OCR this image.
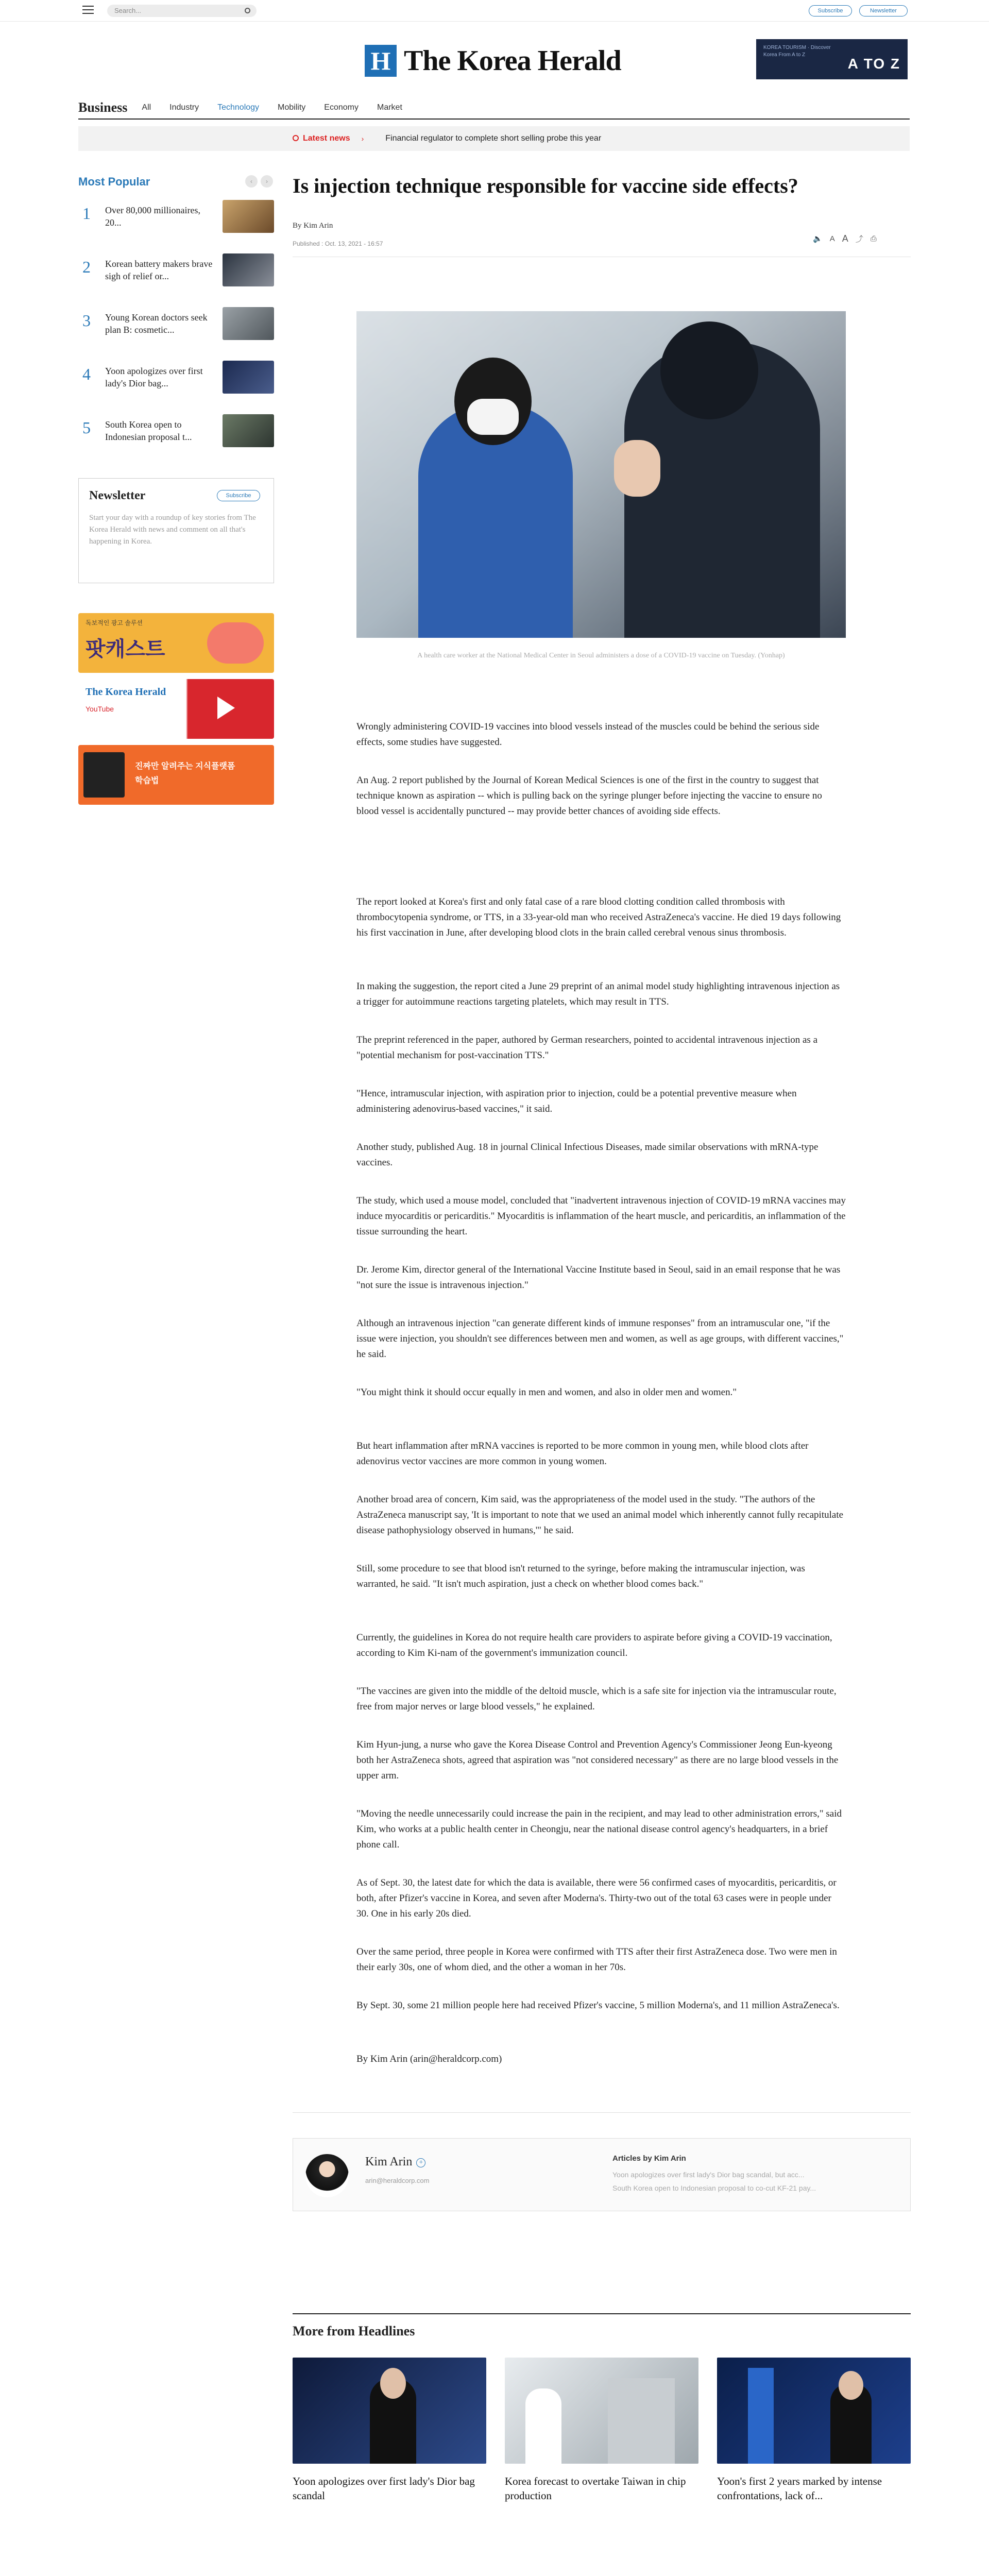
Search...	Subscribe	Newsletter
H The Korea Herald	KOREA TOURISM · Discover Korea From A to Z
A TO Z
Business All Industry Technology Mobility Economy Market
Latest news ›	Financial regulator to complete short selling probe this year
Most Popular	‹ ›
1 Over 80,000 millionaires, 20...
2 Korean battery makers brave sigh of relief or...
3 Young Korean doctors seek plan B: cosmetic...
4 Yoon apologizes over first lady's Dior bag...
5 South Korea open to Indonesian proposal t...
Newsletter	Subscribe
Start your day with a roundup of key stories from The Korea Herald with news and comment on all that's happening in Korea.
독보적인 광고 솔루션
팟캐스트
The Korea Herald
YouTube
진짜만 알려주는 지식플랫폼
학습법
Is injection technique responsible for vaccine side effects?
By Kim Arin
Published : Oct. 13, 2021 - 16:57
🔈 A A ⤴ ⎙
A health care worker at the National Medical Center in Seoul administers a dose of a COVID-19 vaccine on Tuesday. (Yonhap)
Wrongly administering COVID-19 vaccines into blood vessels instead of the muscles could be behind the serious side effects, some studies have suggested.
An Aug. 2 report published by the Journal of Korean Medical Sciences is one of the first in the country to suggest that technique known as aspiration -- which is pulling back on the syringe plunger before injecting the vaccine to ensure no blood vessel is accidentally punctured -- may provide better chances of avoiding side effects.
The report looked at Korea's first and only fatal case of a rare blood clotting condition called thrombosis with thrombocytopenia syndrome, or TTS, in a 33-year-old man who received AstraZeneca's vaccine. He died 19 days following his first vaccination in June, after developing blood clots in the brain called cerebral venous sinus thrombosis.
In making the suggestion, the report cited a June 29 preprint of an animal model study highlighting intravenous injection as a trigger for autoimmune reactions targeting platelets, which may result in TTS.
The preprint referenced in the paper, authored by German researchers, pointed to accidental intravenous injection as a "potential mechanism for post-vaccination TTS."
"Hence, intramuscular injection, with aspiration prior to injection, could be a potential preventive measure when administering adenovirus-based vaccines," it said.
Another study, published Aug. 18 in journal Clinical Infectious Diseases, made similar observations with mRNA-type vaccines.
The study, which used a mouse model, concluded that "inadvertent intravenous injection of COVID-19 mRNA vaccines may induce myocarditis or pericarditis." Myocarditis is inflammation of the heart muscle, and pericarditis, an inflammation of the tissue surrounding the heart.
Dr. Jerome Kim, director general of the International Vaccine Institute based in Seoul, said in an email response that he was "not sure the issue is intravenous injection."
Although an intravenous injection "can generate different kinds of immune responses" from an intramuscular one, "if the issue were injection, you shouldn't see differences between men and women, as well as age groups, with different vaccines," he said.
"You might think it should occur equally in men and women, and also in older men and women."
But heart inflammation after mRNA vaccines is reported to be more common in young men, while blood clots after adenovirus vector vaccines are more common in young women.
Another broad area of concern, Kim said, was the appropriateness of the model used in the study. "The authors of the AstraZeneca manuscript say, 'It is important to note that we used an animal model which inherently cannot fully recapitulate disease pathophysiology observed in humans,'" he said.
Still, some procedure to see that blood isn't returned to the syringe, before making the intramuscular injection, was warranted, he said. "It isn't much aspiration, just a check on whether blood comes back."
Currently, the guidelines in Korea do not require health care providers to aspirate before giving a COVID-19 vaccination, according to Kim Ki-nam of the government's immunization council.
"The vaccines are given into the middle of the deltoid muscle, which is a safe site for injection via the intramuscular route, free from major nerves or large blood vessels," he explained.
Kim Hyun-jung, a nurse who gave the Korea Disease Control and Prevention Agency's Commissioner Jeong Eun-kyeong both her AstraZeneca shots, agreed that aspiration was "not considered necessary" as there are no large blood vessels in the upper arm.
"Moving the needle unnecessarily could increase the pain in the recipient, and may lead to other administration errors," said Kim, who works at a public health center in Cheongju, near the national disease control agency's headquarters, in a brief phone call.
As of Sept. 30, the latest date for which the data is available, there were 56 confirmed cases of myocarditis, pericarditis, or both, after Pfizer's vaccine in Korea, and seven after Moderna's. Thirty-two out of the total 63 cases were in people under 30. One in his early 20s died.
Over the same period, three people in Korea were confirmed with TTS after their first AstraZeneca dose. Two were men in their early 30s, one of whom died, and the other a woman in her 70s.
By Sept. 30, some 21 million people here had received Pfizer's vaccine, 5 million Moderna's, and 11 million AstraZeneca's.
By Kim Arin (arin@heraldcorp.com)
Kim Arin +
arin@heraldcorp.com
Articles by Kim Arin
Yoon apologizes over first lady's Dior bag scandal, but acc...
South Korea open to Indonesian proposal to co-cut KF-21 pay...
More from Headlines
Yoon apologizes over first lady's Dior bag scandal
Korea forecast to overtake Taiwan in chip production
Yoon's first 2 years marked by intense confrontations, lack of...
